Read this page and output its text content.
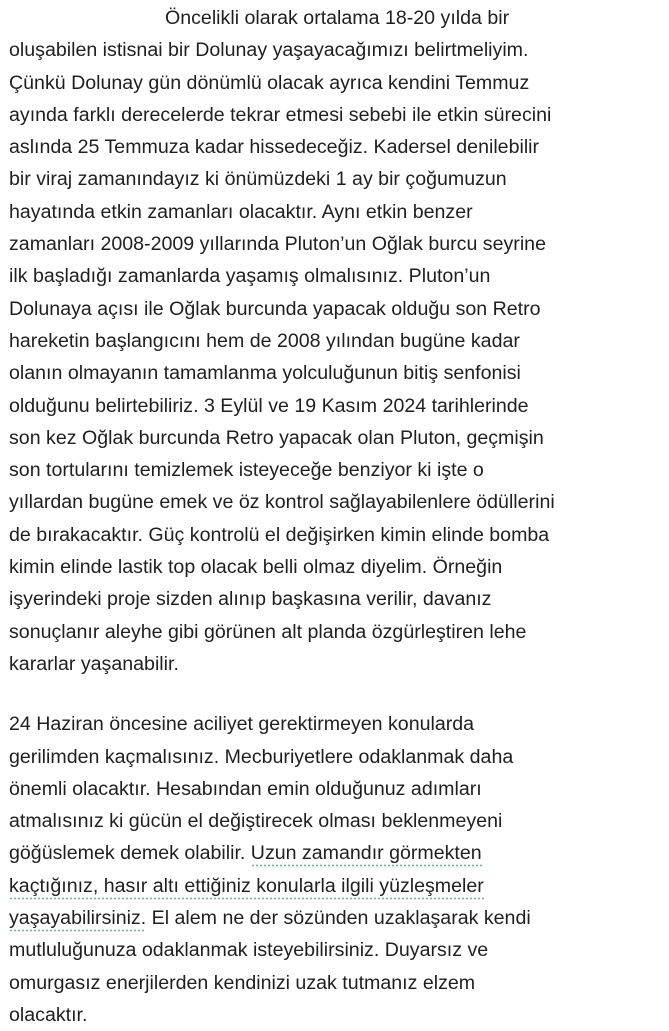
Öncelikli olarak ortalama 18-20 yılda bir
oluşabilen istisnai bir Dolunay yaşayacağımızı belirtmeliyim.
Çünkü Dolunay gün dönümlü olacak ayrıca kendini Temmuz
ayında farklı derecelerde tekrar etmesi sebebi ile etkin sürecini
aslında 25 Temmuza kadar hissedeceğiz. Kadersel denilebilir
bir viraj zamanındayız ki önümüzdeki 1 ay bir çoğumuzun
hayatında etkin zamanları olacaktır. Aynı etkin benzer
zamanları 2008-2009 yıllarında Pluton’un Oğlak burcu seyrine
ilk başladığı zamanlarda yaşamış olmalısınız. Pluton’un
Dolunaya açısı ile Oğlak burcunda yapacak olduğu son Retro
hareketin başlangıcını hem de 2008 yılından bugüne kadar
olanın olmayanın tamamlanma yolculuğunun bitiş senfonisi
olduğunu belirtebiliriz. 3 Eylül ve 19 Kasım 2024 tarihlerinde
son kez Oğlak burcunda Retro yapacak olan Pluton, geçmişin
son tortularını temizlemek isteyeceğe benziyor ki işte o
yıllardan bugüne emek ve öz kontrol sağlayabilenlere ödüllerini
de bırakacaktır. Güç kontrolü el değişirken kimin elinde bomba
kimin elinde lastik top olacak belli olmaz diyelim. Örneğin
işyerindeki proje sizden alınıp başkasına verilir, davanız
sonuçlanır aleyhe gibi görünen alt planda özgürleştiren lehe
kararlar yaşanabilir.
24 Haziran öncesine aciliyet gerektirmeyen konularda
gerilimden kaçmalısınız. Mecburiyetlere odaklanmak daha
önemli olacaktır. Hesabından emin olduğunuz adımları
atmalısınız ki gücün el değiştirecek olması beklenmeyeni
göğüslemek demek olabilir. Uzun zamandır görmekten
kaçtığınız, hasır altı ettiğiniz konularla ilgili yüzleşmeler
yaşayabilirsiniz. El alem ne der sözünden uzaklaşarak kendi
mutluluğunuza odaklanmak isteyebilirsiniz. Duyarsız ve
omurgasız enerjilerden kendinizi uzak tutmanız elzem
olacaktır.
